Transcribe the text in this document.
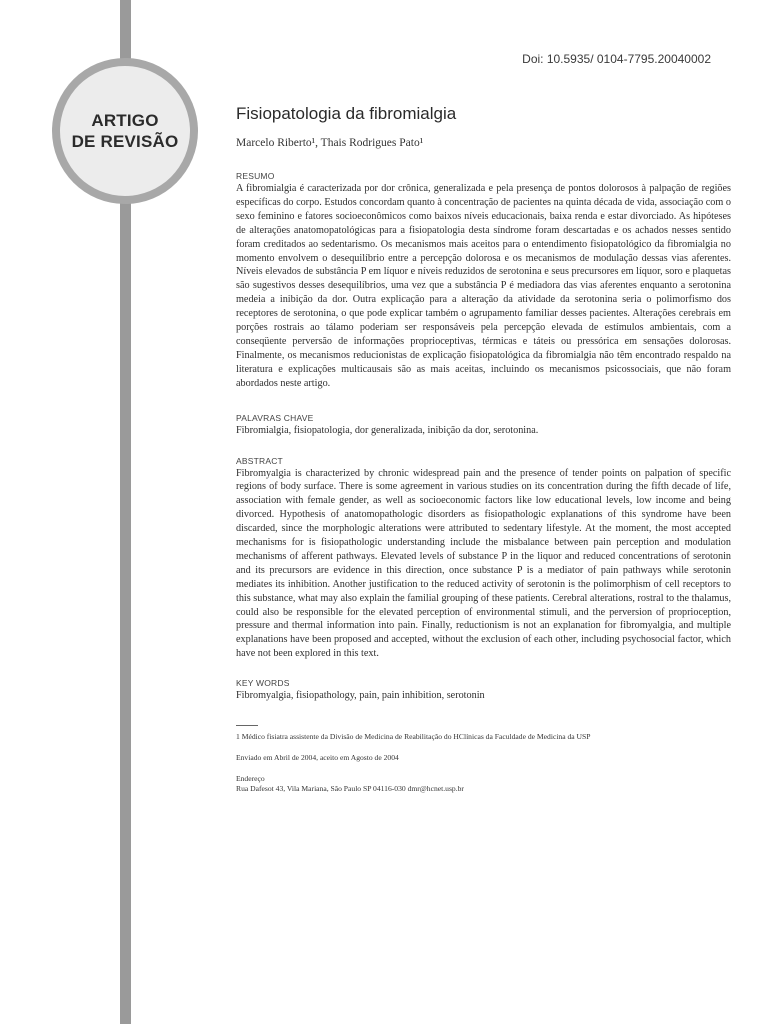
ARTIGO
DE REVISÃO
Doi: 10.5935/ 0104-7795.20040002
Fisiopatologia da fibromialgia
Marcelo Riberto¹, Thais Rodrigues Pato¹
RESUMO

A fibromialgia é caracterizada por dor crônica, generalizada e pela presença de pontos dolorosos à palpação de regiões específicas do corpo. Estudos concordam quanto à concentração de pacientes na quinta década de vida, associação com o sexo feminino e fatores socioeconômicos como baixos níveis educacionais, baixa renda e estar divorciado. As hipóteses de alterações anatomopatológicas para a fisiopatologia desta síndrome foram descartadas e os achados nesses sentido foram creditados ao sedentarismo. Os mecanismos mais aceitos para o entendimento fisiopatológico da fibromialgia no momento envolvem o desequilíbrio entre a percepção dolorosa e os mecanismos de modulação dessas vias aferentes. Níveis elevados de substância P em líquor e níveis reduzidos de serotonina e seus precursores em líquor, soro e plaquetas são sugestivos desses desequilíbrios, uma vez que a substância P é mediadora das vias aferentes enquanto a serotonina medeia a inibição da dor. Outra explicação para a alteração da atividade da serotonina seria o polimorfismo dos receptores de serotonina, o que pode explicar também o agrupamento familiar desses pacientes. Alterações cerebrais em porções rostrais ao tálamo poderiam ser responsáveis pela percepção elevada de estímulos ambientais, com a conseqüente perversão de informações proprioceptivas, térmicas e táteis ou pressórica em sensações dolorosas. Finalmente, os mecanismos reducionistas de explicação fisiopatológica da fibromialgia não têm encontrado respaldo na literatura e explicações multicausais são as mais aceitas, incluindo os mecanismos psicossociais, que não foram abordados neste artigo.

PALAVRAS CHAVE
Fibromialgia, fisiopatologia, dor generalizada, inibição da dor, serotonina.
ABSTRACT

Fibromyalgia is characterized by chronic widespread pain and the presence of tender points on palpation of specific regions of body surface. There is some agreement in various studies on its concentration during the fifth decade of life, association with female gender, as well as socioeconomic factors like low educational levels, low income and being divorced. Hypothesis of anatomopathologic disorders as fisiopathologic explanations of this syndrome have been discarded, since the morphologic alterations were attributed to sedentary lifestyle. At the moment, the most accepted mechanisms for is fisiopathologic understanding include the misbalance between pain perception and modulation mechanisms of afferent pathways. Elevated levels of substance P in the liquor and reduced concentrations of serotonin and its precursors are evidence in this direction, once substance P is a mediator of pain pathways while serotonin mediates its inhibition. Another justification to the reduced activity of serotonin is the polimorphism of cell receptors to this substance, what may also explain the familial grouping of these patients. Cerebral alterations, rostral to the thalamus, could also be responsible for the elevated perception of environmental stimuli, and the perversion of proprioception, pressure and thermal information into pain. Finally, reductionism is not an explanation for fibromyalgia, and multiple explanations have been proposed and accepted, without the exclusion of each other, including psychosocial factor, which have not been explored in this text.

KEY WORDS
Fibromyalgia, fisiopathology, pain, pain inhibition, serotonin

1 Médico fisiatra assistente da Divisão de Medicina de Reabilitação do HClínicas da Faculdade de Medicina da USP

Enviado em Abril de 2004, aceito em Agosto de 2004

Endereço

Rua Dafesot 43, Vila Mariana, São Paulo SP 04116-030 dmr@hcnet.usp.br
